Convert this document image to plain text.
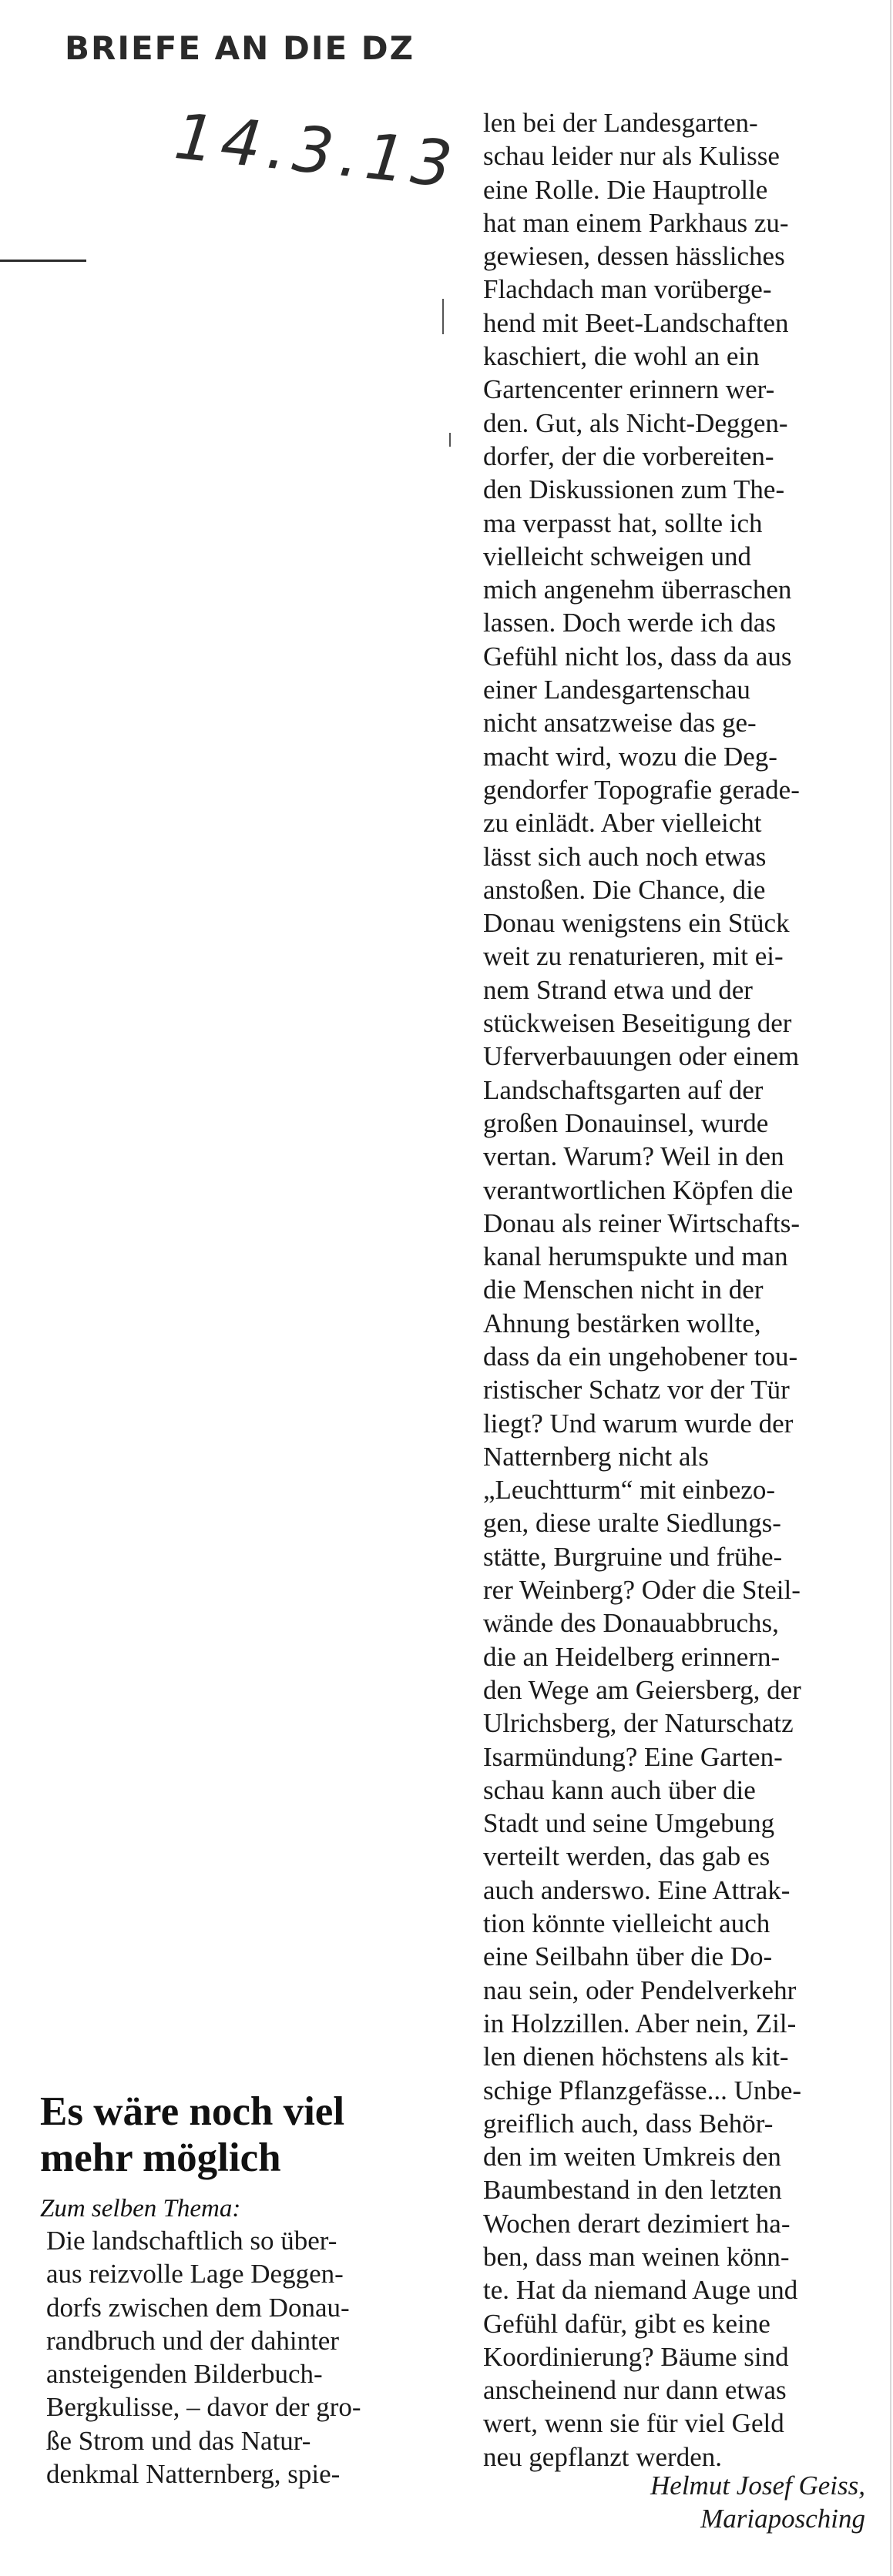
BRIEFE AN DIE DZ
14.3.13
Es wäre noch viel mehr möglich

Zum selben Thema:

Die landschaftlich so über-
aus reizvolle Lage Deggen-
dorfs zwischen dem Donau-
randbruch und der dahinter
ansteigenden Bilderbuch-
Bergkulisse, – davor der gro-
ße Strom und das Natur-
denkmal Natternberg, spie-
len bei der Landesgarten-
schau leider nur als Kulisse
eine Rolle. Die Hauptrolle
hat man einem Parkhaus zu-
gewiesen, dessen hässliches
Flachdach man vorüberge-
hend mit Beet-Landschaften
kaschiert, die wohl an ein
Gartencenter erinnern wer-
den. Gut, als Nicht-Deggen-
dorfer, der die vorbereiten-
den Diskussionen zum The-
ma verpasst hat, sollte ich
vielleicht schweigen und
mich angenehm überraschen
lassen. Doch werde ich das
Gefühl nicht los, dass da aus
einer Landesgartenschau
nicht ansatzweise das ge-
macht wird, wozu die Deg-
gendorfer Topografie gerade-
zu einlädt. Aber vielleicht
lässt sich auch noch etwas
anstoßen. Die Chance, die
Donau wenigstens ein Stück
weit zu renaturieren, mit ei-
nem Strand etwa und der
stückweisen Beseitigung der
Uferverbauungen oder einem
Landschaftsgarten auf der
großen Donauinsel, wurde
vertan. Warum? Weil in den
verantwortlichen Köpfen die
Donau als reiner Wirtschafts-
kanal herumspukte und man
die Menschen nicht in der
Ahnung bestärken wollte,
dass da ein ungehobener tou-
ristischer Schatz vor der Tür
liegt? Und warum wurde der
Natternberg nicht als
„Leuchtturm“ mit einbezo-
gen, diese uralte Siedlungs-
stätte, Burgruine und frühe-
rer Weinberg? Oder die Steil-
wände des Donauabbruchs,
die an Heidelberg erinnern-
den Wege am Geiersberg, der
Ulrichsberg, der Naturschatz
Isarmündung? Eine Garten-
schau kann auch über die
Stadt und seine Umgebung
verteilt werden, das gab es
auch anderswo. Eine Attrak-
tion könnte vielleicht auch
eine Seilbahn über die Do-
nau sein, oder Pendelverkehr
in Holzzillen. Aber nein, Zil-
len dienen höchstens als kit-
schige Pflanzgefässe... Unbe-
greiflich auch, dass Behör-
den im weiten Umkreis den
Baumbestand in den letzten
Wochen derart dezimiert ha-
ben, dass man weinen könn-
te. Hat da niemand Auge und
Gefühl dafür, gibt es keine
Koordinierung? Bäume sind
anscheinend nur dann etwas
wert, wenn sie für viel Geld
neu gepflanzt werden.

Helmut Josef Geiss,
Mariaposching
